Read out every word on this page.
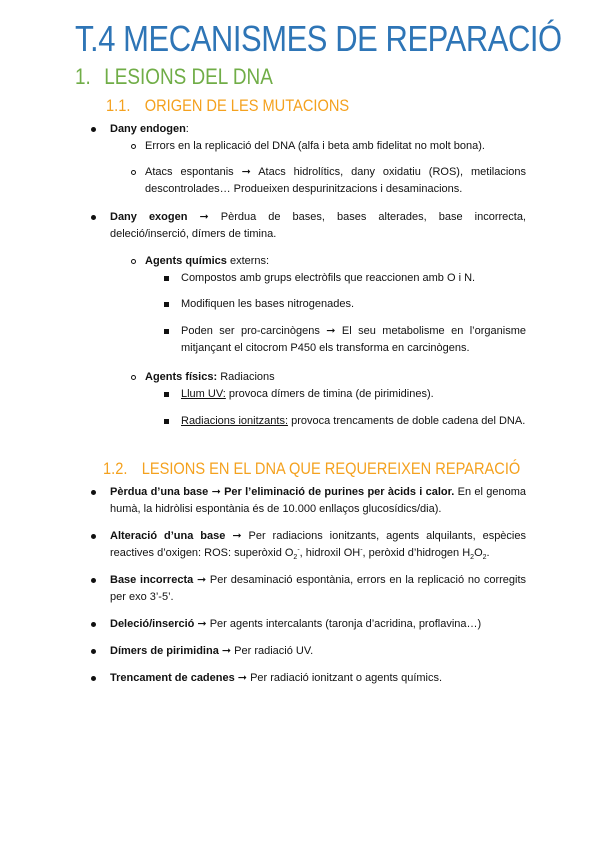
T.4 MECANISMES DE REPARACIÓ
1. LESIONS DEL DNA
1.1. ORIGEN DE LES MUTACIONS
Dany endogen:
Errors en la replicació del DNA (alfa i beta amb fidelitat no molt bona).
Atacs espontanis ➞ Atacs hidrolítics, dany oxidatiu (ROS), metilacions descontrolades… Produeixen despurinitzacions i desaminacions.
Dany exogen ➞ Pèrdua de bases, bases alterades, base incorrecta, deleció/inserció, dímers de timina.
Agents químics externs:
Compostos amb grups electròfils que reaccionen amb O i N.
Modifiquen les bases nitrogenades.
Poden ser pro-carcinògens ➞ El seu metabolisme en l’organisme mitjançant el citocrom P450 els transforma en carcinògens.
Agents físics: Radiacions
Llum UV: provoca dímers de timina (de pirimidines).
Radiacions ionitzants: provoca trencaments de doble cadena del DNA.
1.2. LESIONS EN EL DNA QUE REQUEREIXEN REPARACIÓ
Pèrdua d’una base ➞ Per l’eliminació de purines per àcids i calor. En el genoma humà, la hidròlisi espontània és de 10.000 enllaços glucosídics/dia).
Alteració d’una base ➞ Per radiacions ionitzants, agents alquilants, espècies reactives d’oxigen: ROS: superòxid $O_2^-$, hidroxil OH-, peròxid d’hidrogen $H_2O_2$.
Base incorrecta ➞ Per desaminació espontània, errors en la replicació no corregits per exo 3’-5’.
Deleció/inserció ➞ Per agents intercalants (taronja d’acridina, proflavina…)
Dímers de pirimidina ➞ Per radiació UV.
Trencament de cadenes ➞ Per radiació ionitzant o agents químics.
